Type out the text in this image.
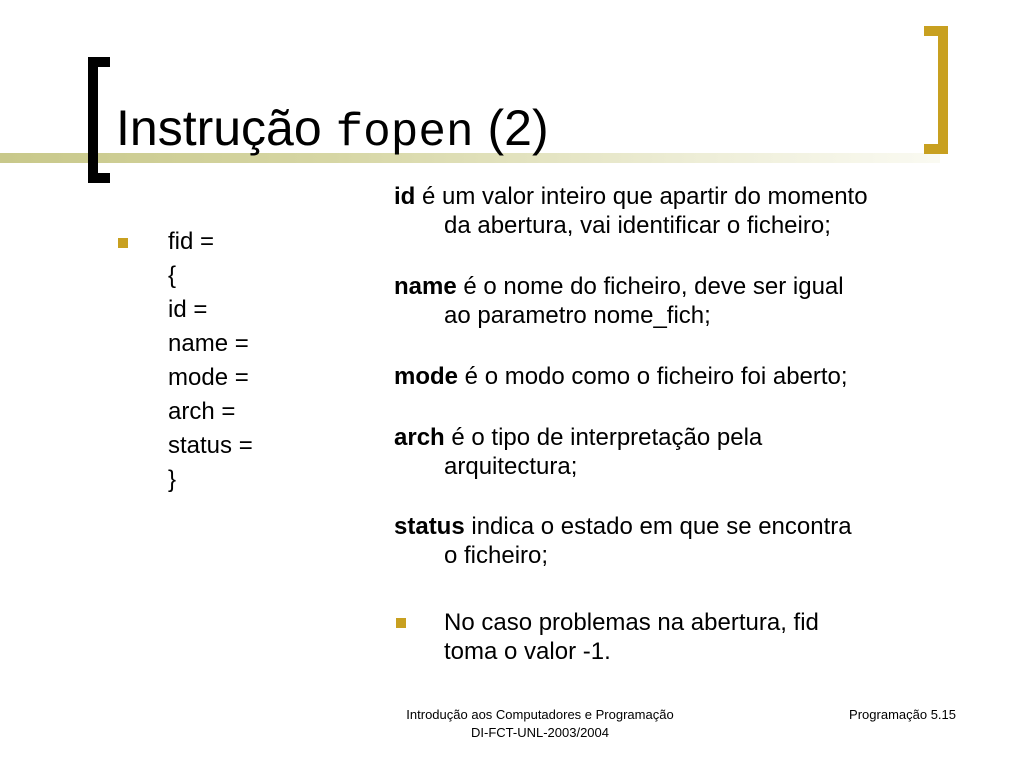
Instrução fopen (2)
fid =
{
id =
name =
mode =
arch =
status =
}
id é um valor inteiro que apartir do momento
da abertura, vai identificar o ficheiro;
name é o nome do ficheiro, deve ser igual
ao parametro nome_fich;
mode é o modo como o ficheiro foi aberto;
arch é o tipo de interpretação pela
arquitectura;
status indica o estado em que se encontra
o ficheiro;
No caso problemas na abertura, fid
toma o valor -1.
Introdução aos Computadores e Programação
DI-FCT-UNL-2003/2004
Programação 5.15
